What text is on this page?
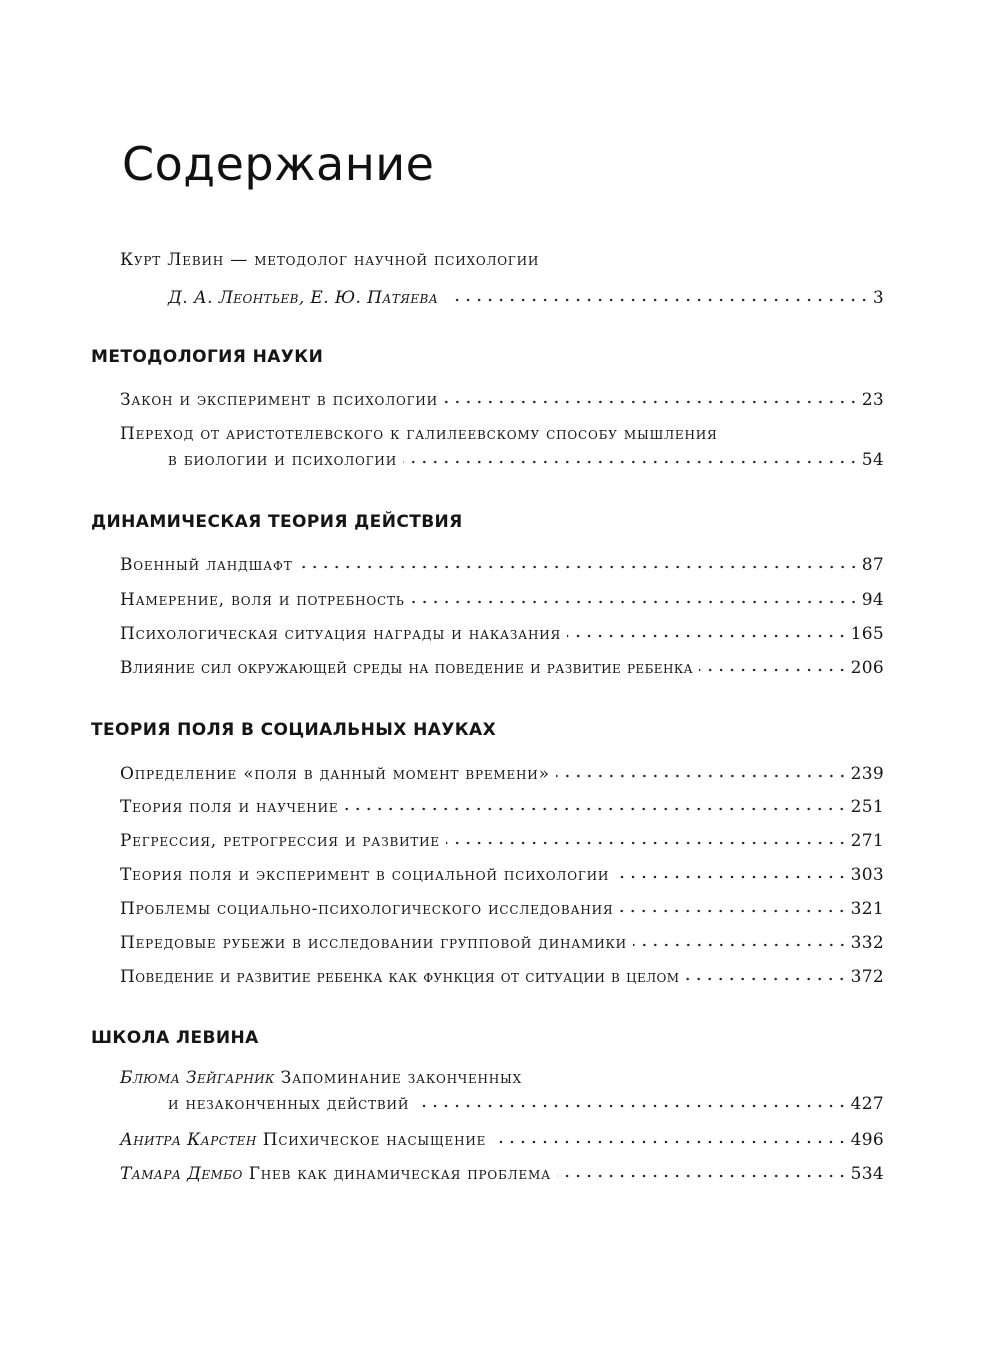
Содержание
Курт Левин — методолог научной психологии
Д. А. Леонтьев, Е. Ю. Патяева	3
МЕТОДОЛОГИЯ НАУКИ
Закон и эксперимент в психологии	23
Переход от аристотелевского к галилеевскому способу мышления
в биологии и психологии	54
ДИНАМИЧЕСКАЯ ТЕОРИЯ ДЕЙСТВИЯ
Военный ландшафт	87
Намерение, воля и потребность	94
Психологическая ситуация награды и наказания	165
Влияние сил окружающей среды на поведение и развитие ребенка	206
ТЕОРИЯ ПОЛЯ В СОЦИАЛЬНЫХ НАУКАХ
Определение «поля в данный момент времени»	239
Теория поля и научение	251
Регрессия, ретрогрессия и развитие	271
Теория поля и эксперимент в социальной психологии	303
Проблемы социально-психологического исследования	321
Передовые рубежи в исследовании групповой динамики	332
Поведение и развитие ребенка как функция от ситуации в целом	372
ШКОЛА ЛЕВИНА
Блюма Зейгарник Запоминание законченных
и незаконченных действий	427
Анитра Карстен Психическое насыщение	496
Тамара Дембо Гнев как динамическая проблема	534
